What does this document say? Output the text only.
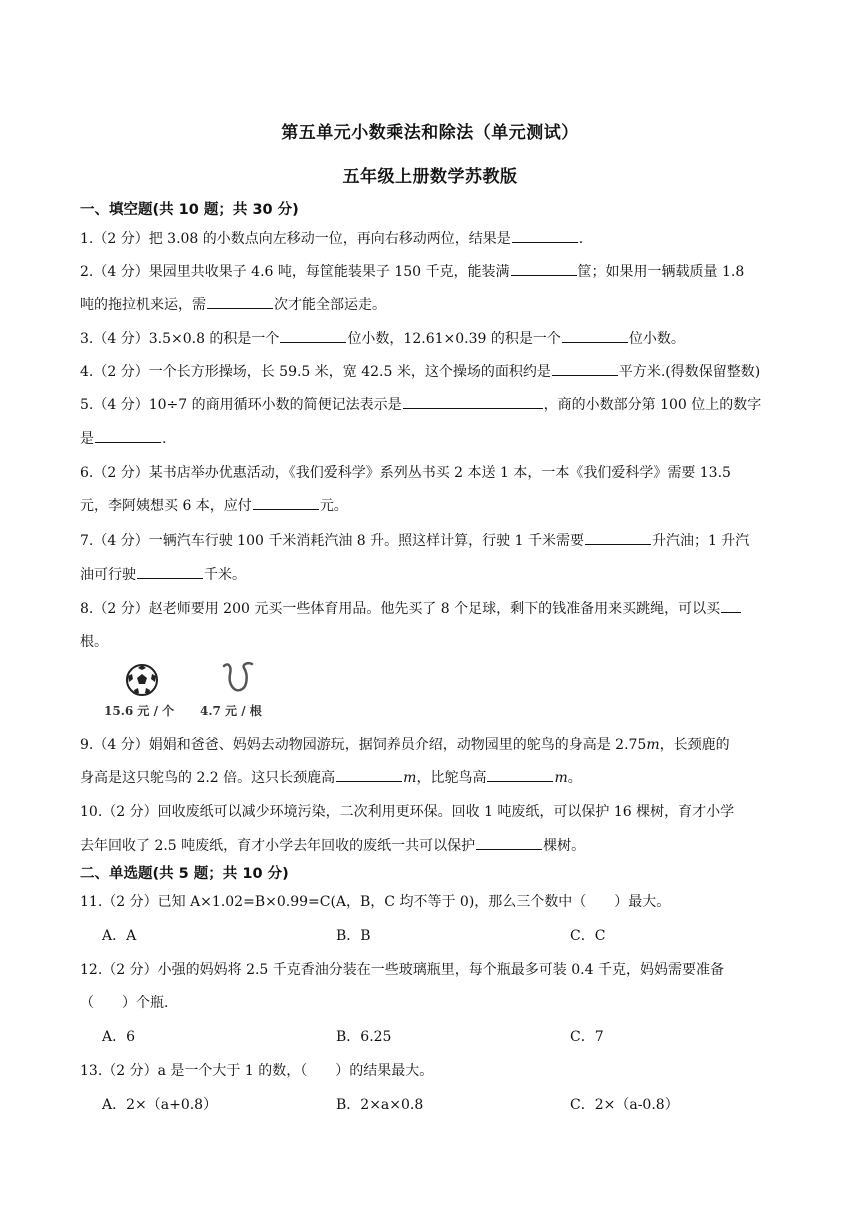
第五单元小数乘法和除法（单元测试）
五年级上册数学苏教版
一、填空题(共 10 题；共 30 分)
1.（2 分）把 3.08 的小数点向左移动一位，再向右移动两位，结果是	.
2.（4 分）果园里共收果子 4.6 吨，每筐能装果子 150 千克，能装满	筐；如果用一辆载质量 1.8
吨的拖拉机来运，需	次才能全部运走。
3.（4 分）3.5×0.8 的积是一个	位小数，12.61×0.39 的积是一个	位小数。
4.（2 分）一个长方形操场，长 59.5 米，宽 42.5 米，这个操场的面积约是	平方米.(得数保留整数)
5.（4 分）10÷7 的商用循环小数的简便记法表示是	，商的小数部分第 100 位上的数字
是	.
6.（2 分）某书店举办优惠活动，《我们爱科学》系列丛书买 2 本送 1 本，一本《我们爱科学》需要 13.5
元，李阿姨想买 6 本，应付	元。
7.（4 分）一辆汽车行驶 100 千米消耗汽油 8 升。照这样计算，行驶 1 千米需要	升汽油；1 升汽
油可行驶	千米。
8.（2 分）赵老师要用 200 元买一些体育用品。他先买了 8 个足球，剩下的钱准备用来买跳绳，可以买
根。
15.6 元 / 个 4.7 元 / 根
9.（4 分）娟娟和爸爸、妈妈去动物园游玩，据饲养员介绍，动物园里的鸵鸟的身高是 2.75m，长颈鹿的
身高是这只鸵鸟的 2.2 倍。这只长颈鹿高	m，比鸵鸟高	m。
10.（2 分）回收废纸可以减少环境污染，二次利用更环保。回收 1 吨废纸，可以保护 16 棵树，育才小学
去年回收了 2.5 吨废纸，育才小学去年回收的废纸一共可以保护	棵树。
二、单选题(共 5 题；共 10 分)
11.（2 分）已知 A×1.02=B×0.99=C(A，B，C 均不等于 0)，那么三个数中（　　）最大。
A．A	B．B	C．C
12.（2 分）小强的妈妈将 2.5 千克香油分装在一些玻璃瓶里，每个瓶最多可装 0.4 千克，妈妈需要准备
（　　）个瓶.
A．6	B．6.25	C．7
13.（2 分）a 是一个大于 1 的数，（　　）的结果最大。
A．2×（a+0.8）	B．2×a×0.8	C．2×（a-0.8）
